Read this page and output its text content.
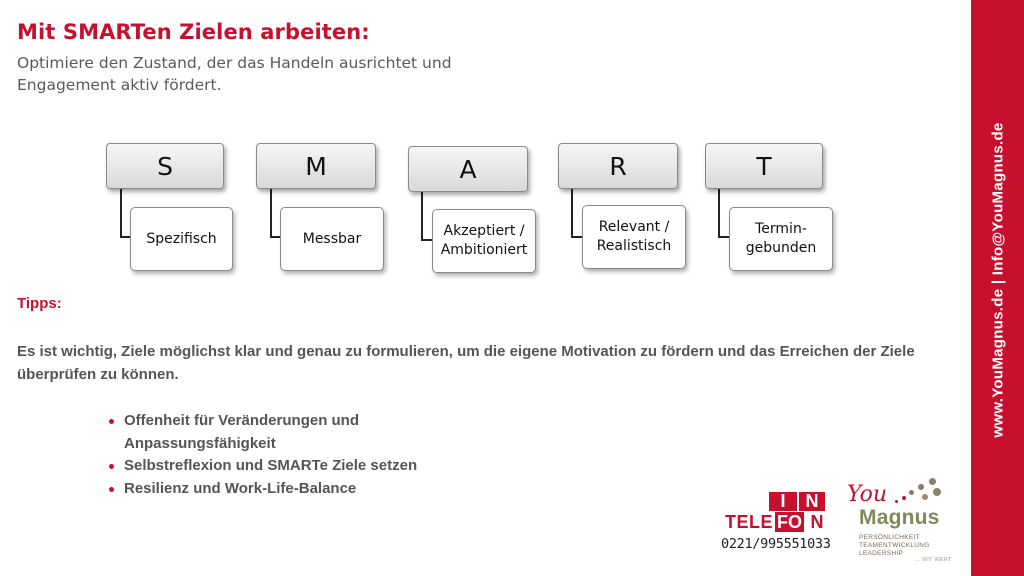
Mit SMARTen Zielen arbeiten:
Optimiere den Zustand, der das Handeln ausrichtet und Engagement aktiv fördert.
S
Spezifisch
M
Messbar
A
Akzeptiert / Ambitioniert
R
Relevant / Realistisch
T
Termin-gebunden
Tipps:
Es ist wichtig, Ziele möglichst klar und genau zu formulieren, um die eigene Motivation zu fördern und das Erreichen der Ziele überprüfen zu können.
Offenheit für Veränderungen und Anpassungsfähigkeit
Selbstreflexion und SMARTe Ziele setzen
Resilienz und Work-Life-Balance
www.YouMagnus.de | Info@YouMagnus.de
I	N
TELE FO N
0221/995551033
You
Magnus
PERSÖNLICHKEIT
TEAMENTWICKLUNG
LEADERSHIP
... MIT WERT
